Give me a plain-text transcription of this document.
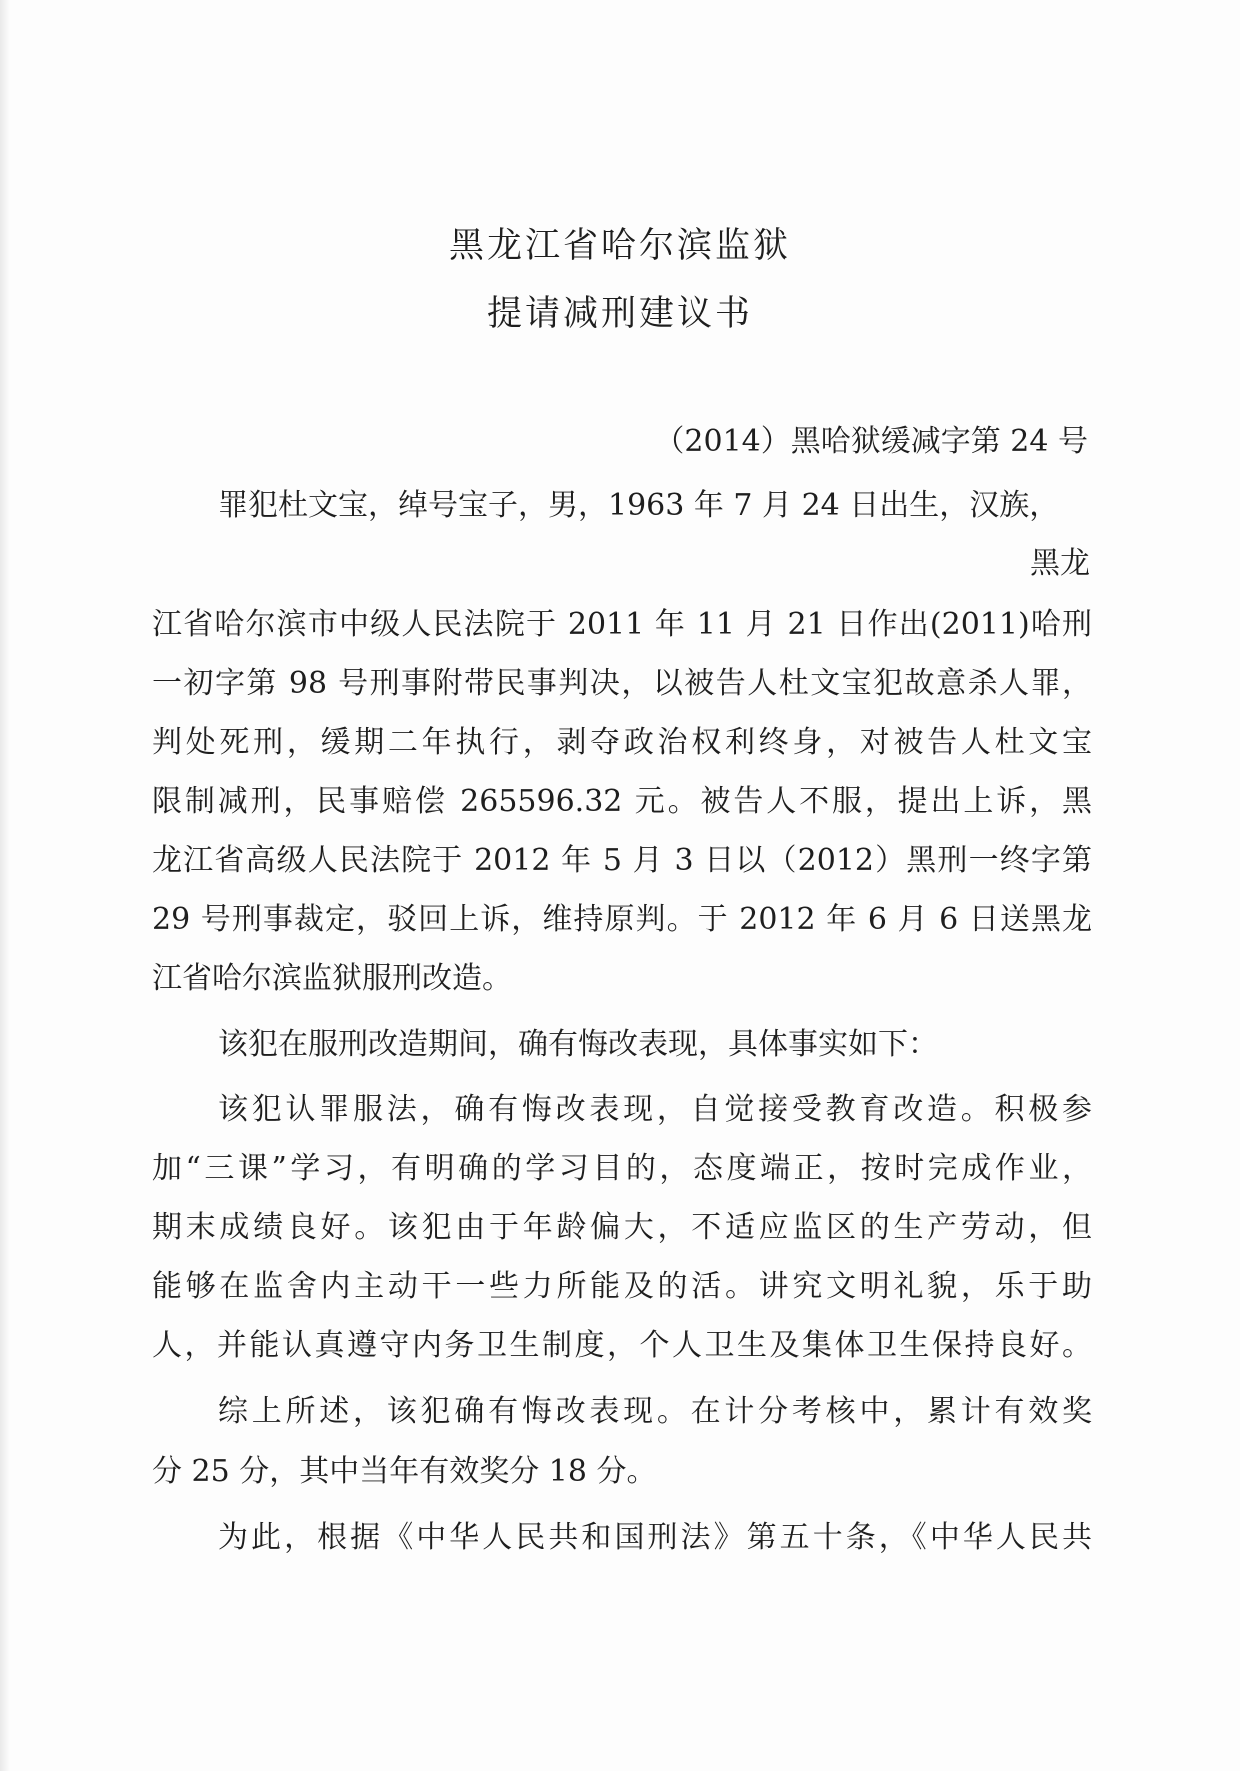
黑龙江省哈尔滨监狱
提请减刑建议书
（2014）黑哈狱缓减字第 24 号
罪犯杜文宝，绰号宝子，男，1963 年 7 月 24 日出生，汉族，
黑龙
江省哈尔滨市中级人民法院于 2011 年 11 月 21 日作出(2011)哈刑
一初字第 98 号刑事附带民事判决，以被告人杜文宝犯故意杀人罪，
判处死刑，缓期二年执行，剥夺政治权利终身，对被告人杜文宝
限制减刑，民事赔偿 265596.32 元。被告人不服，提出上诉，黑
龙江省高级人民法院于 2012 年 5 月 3 日以（2012）黑刑一终字第
29 号刑事裁定，驳回上诉，维持原判。于 2012 年 6 月 6 日送黑龙
江省哈尔滨监狱服刑改造。
该犯在服刑改造期间，确有悔改表现，具体事实如下：
该犯认罪服法，确有悔改表现，自觉接受教育改造。积极参
加“三课”学习，有明确的学习目的，态度端正，按时完成作业，
期末成绩良好。该犯由于年龄偏大，不适应监区的生产劳动，但
能够在监舍内主动干一些力所能及的活。讲究文明礼貌，乐于助
人，并能认真遵守内务卫生制度，个人卫生及集体卫生保持良好。
综上所述，该犯确有悔改表现。在计分考核中，累计有效奖
分 25 分，其中当年有效奖分 18 分。
为此，根据《中华人民共和国刑法》第五十条，《中华人民共
